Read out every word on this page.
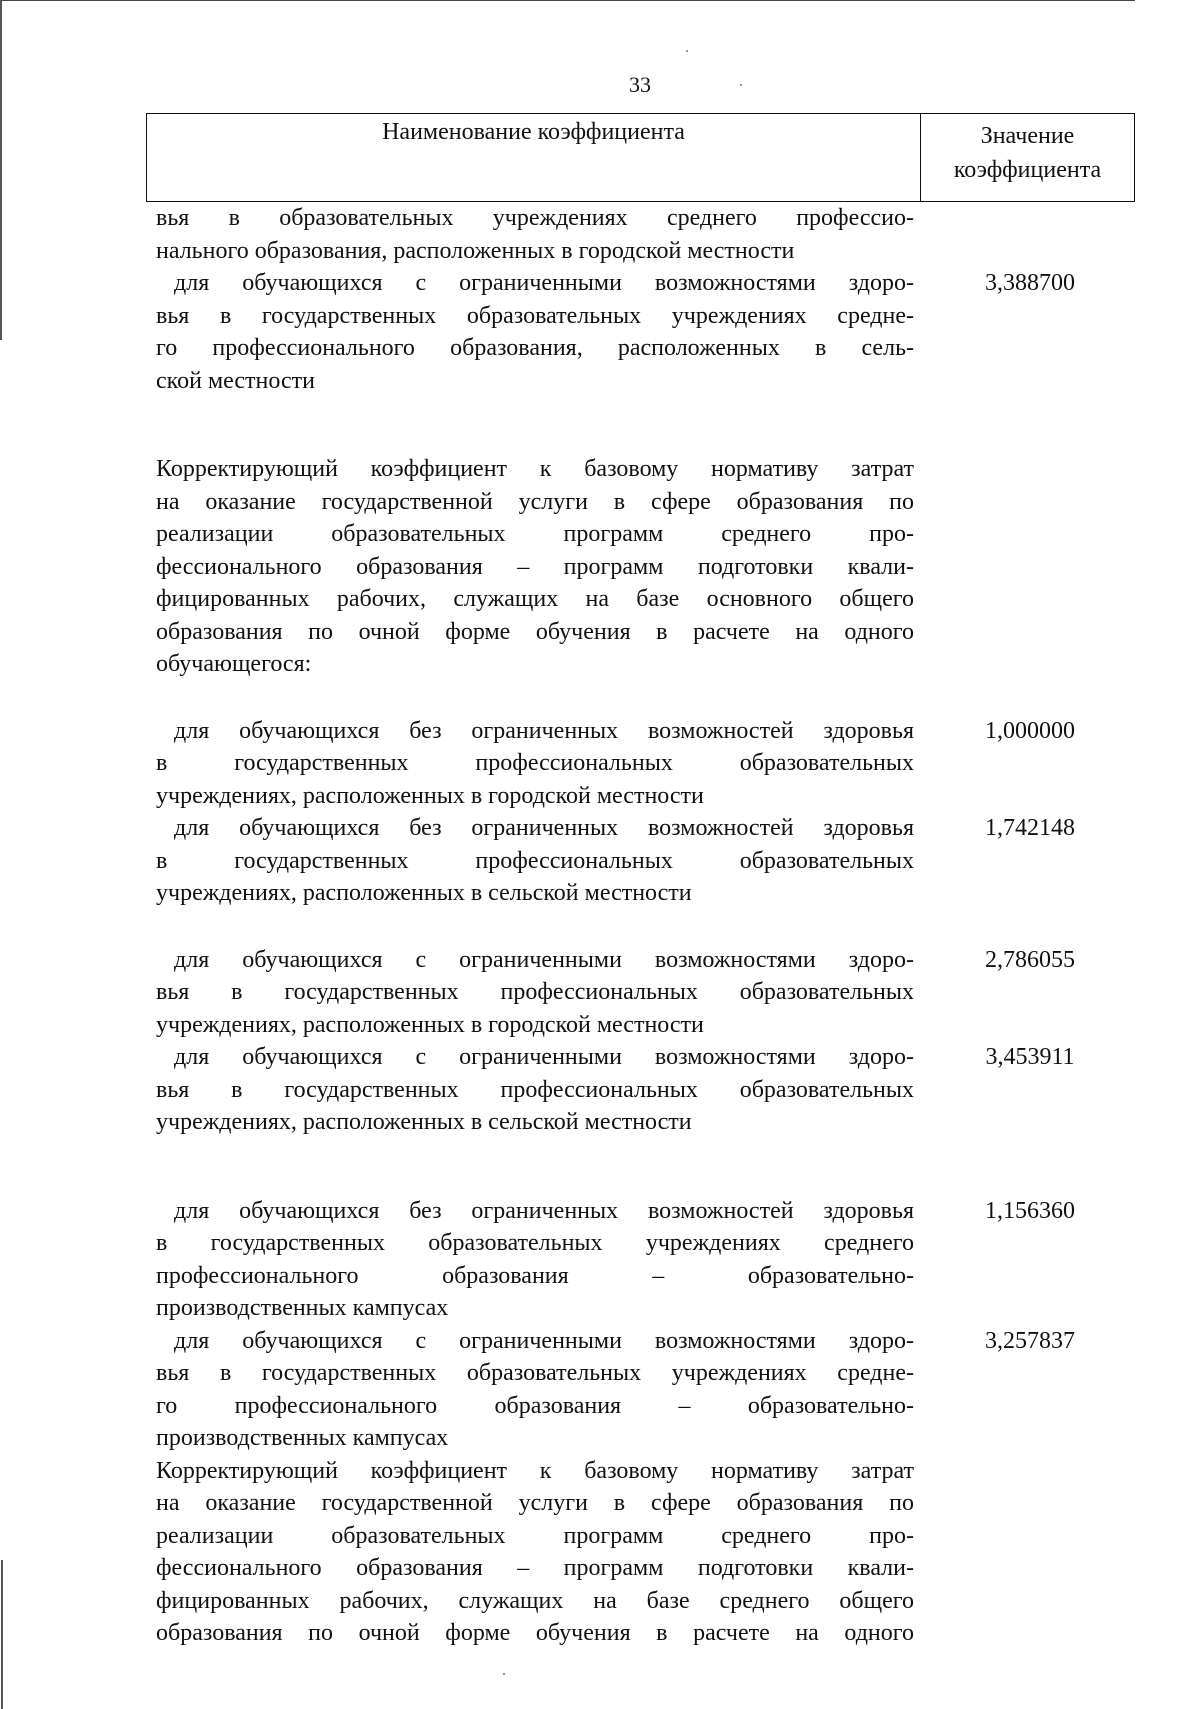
33
Наименование коэффициента	Значение
коэффициента
вья в образовательных учреждениях среднего профессио-
нального образования, расположенных в городской местности
для обучающихся с ограниченными возможностями здоро-
вья в государственных образовательных учреждениях средне-
го профессионального образования, расположенных в сель-
ской местности
3,388700
Корректирующий коэффициент к базовому нормативу затрат
на оказание государственной услуги в сфере образования по
реализации образовательных программ среднего про-
фессионального образования – программ подготовки квали-
фицированных рабочих, служащих на базе основного общего
образования по очной форме обучения в расчете на одного
обучающегося:
для обучающихся без ограниченных возможностей здоровья
в государственных профессиональных образовательных
учреждениях, расположенных в городской местности
1,000000
для обучающихся без ограниченных возможностей здоровья
в государственных профессиональных образовательных
учреждениях, расположенных в сельской местности
1,742148
для обучающихся с ограниченными возможностями здоро-
вья в государственных профессиональных образовательных
учреждениях, расположенных в городской местности
2,786055
для обучающихся с ограниченными возможностями здоро-
вья в государственных профессиональных образовательных
учреждениях, расположенных в сельской местности
3,453911
для обучающихся без ограниченных возможностей здоровья
в государственных образовательных учреждениях среднего
профессионального образования – образовательно-
производственных кампусах
1,156360
для обучающихся с ограниченными возможностями здоро-
вья в государственных образовательных учреждениях средне-
го профессионального образования – образовательно-
производственных кампусах
3,257837
Корректирующий коэффициент к базовому нормативу затрат
на оказание государственной услуги в сфере образования по
реализации образовательных программ среднего про-
фессионального образования – программ подготовки квали-
фицированных рабочих, служащих на базе среднего общего
образования по очной форме обучения в расчете на одного
